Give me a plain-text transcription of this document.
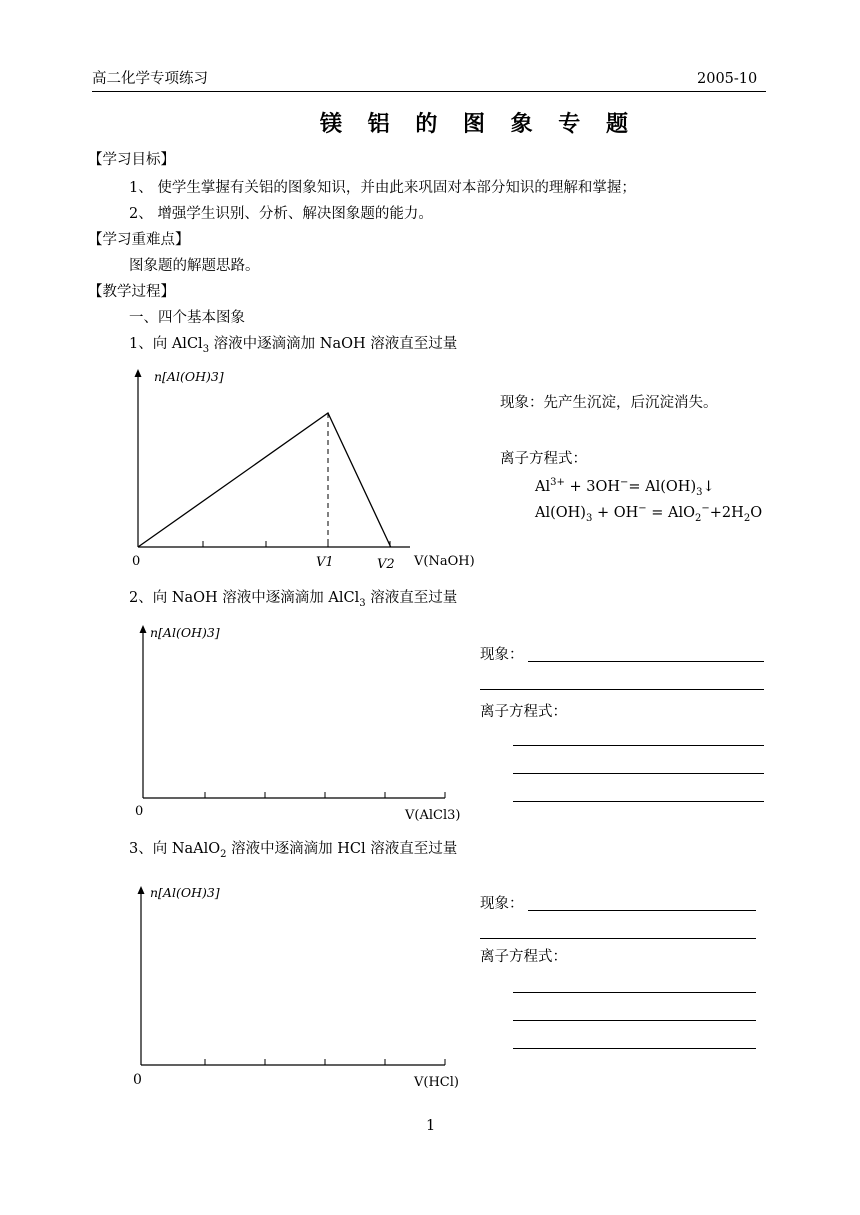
高二化学专项练习	2005-10
镁 铝 的 图 象 专 题
【学习目标】
1、 使学生掌握有关铝的图象知识，并由此来巩固对本部分知识的理解和掌握；
2、 增强学生识别、分析、解决图象题的能力。
【学习重难点】
图象题的解题思路。
【教学过程】
一、四个基本图象
1、向 AlCl$_3$ 溶液中逐滴滴加 NaOH 溶液直至过量
n[Al(OH)3]
0	V1	V2 V(NaOH)
现象：先产生沉淀，后沉淀消失。
离子方程式：
$Al^{3+} + 3OH^-=$ $Al(OH)_3↓$
$Al(OH)_3 + OH^- = AlO_2^-+2H_2O$
2、向 NaOH 溶液中逐滴滴加 AlCl$_3$ 溶液直至过量
n[Al(OH)3]
0	V(AlCl3)
现象：
离子方程式：
3、向 NaAlO$_2$ 溶液中逐滴滴加 HCl 溶液直至过量
n[Al(OH)3]
0	V(HCl)
现象：
离子方程式：
1
